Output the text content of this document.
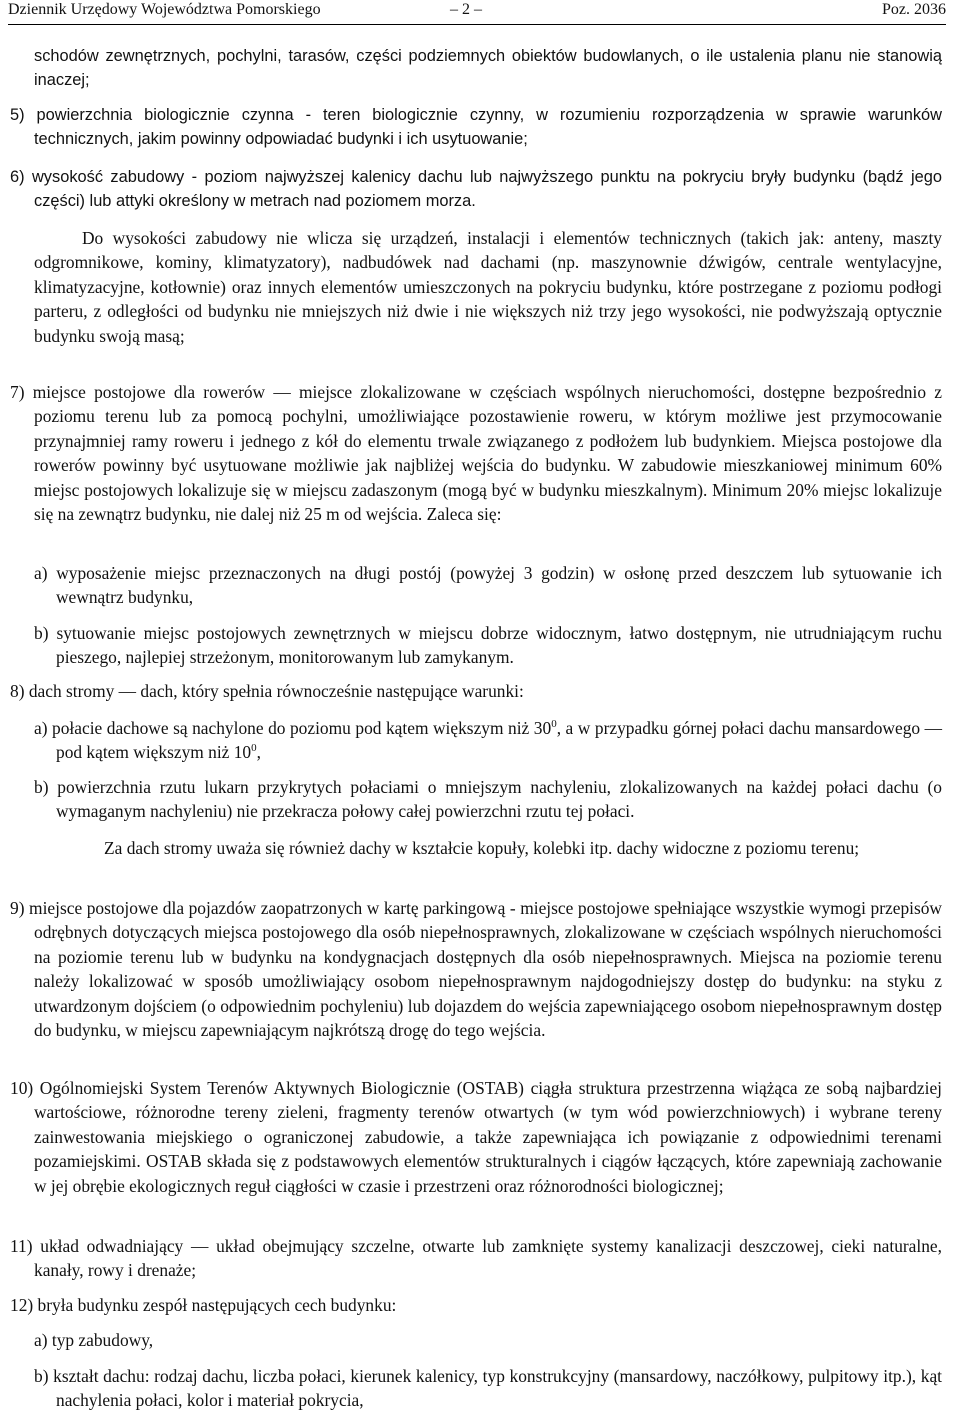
Dziennik Urzędowy Województwa Pomorskiego	– 2 –	Poz. 2036
schodów zewnętrznych, pochylni, tarasów, części podziemnych obiektów budowlanych, o ile ustalenia planu nie stanowią inaczej;
5) powierzchnia biologicznie czynna - teren biologicznie czynny, w rozumieniu rozporządzenia w sprawie warunków technicznych, jakim powinny odpowiadać budynki i ich usytuowanie;
6) wysokość zabudowy - poziom najwyższej kalenicy dachu lub najwyższego punktu na pokryciu bryły budynku (bądź jego części) lub attyki określony w metrach nad poziomem morza.
Do wysokości zabudowy nie wlicza się urządzeń, instalacji i elementów technicznych (takich jak: anteny, maszty odgromnikowe, kominy, klimatyzatory), nadbudówek nad dachami (np. maszynownie dźwigów, centrale wentylacyjne, klimatyzacyjne, kotłownie) oraz innych elementów umieszczonych na pokryciu budynku, które postrzegane z poziomu podłogi parteru, z odległości od budynku nie mniejszych niż dwie i nie większych niż trzy jego wysokości, nie podwyższają optycznie budynku swoją masą;
7) miejsce postojowe dla rowerów — miejsce zlokalizowane w częściach wspólnych nieruchomości, dostępne bezpośrednio z poziomu terenu lub za pomocą pochylni, umożliwiające pozostawienie roweru, w którym możliwe jest przymocowanie przynajmniej ramy roweru i jednego z kół do elementu trwale związanego z podłożem lub budynkiem. Miejsca postojowe dla rowerów powinny być usytuowane możliwie jak najbliżej wejścia do budynku. W zabudowie mieszkaniowej minimum 60% miejsc postojowych lokalizuje się w miejscu zadaszonym (mogą być w budynku mieszkalnym). Minimum 20% miejsc lokalizuje się na zewnątrz budynku, nie dalej niż 25 m od wejścia. Zaleca się:
a) wyposażenie miejsc przeznaczonych na długi postój (powyżej 3 godzin) w osłonę przed deszczem lub sytuowanie ich wewnątrz budynku,
b) sytuowanie miejsc postojowych zewnętrznych w miejscu dobrze widocznym, łatwo dostępnym, nie utrudniającym ruchu pieszego, najlepiej strzeżonym, monitorowanym lub zamykanym.
8) dach stromy — dach, który spełnia równocześnie następujące warunki:
a) połacie dachowe są nachylone do poziomu pod kątem większym niż $30^0$, a w przypadku górnej połaci dachu mansardowego — pod kątem większym niż $10^0$,
b) powierzchnia rzutu lukarn przykrytych połaciami o mniejszym nachyleniu, zlokalizowanych na każdej połaci dachu (o wymaganym nachyleniu) nie przekracza połowy całej powierzchni rzutu tej połaci.
Za dach stromy uważa się również dachy w kształcie kopuły, kolebki itp. dachy widoczne z poziomu terenu;
9) miejsce postojowe dla pojazdów zaopatrzonych w kartę parkingową - miejsce postojowe spełniające wszystkie wymogi przepisów odrębnych dotyczących miejsca postojowego dla osób niepełnosprawnych, zlokalizowane w częściach wspólnych nieruchomości na poziomie terenu lub w budynku na kondygnacjach dostępnych dla osób niepełnosprawnych. Miejsca na poziomie terenu należy lokalizować w sposób umożliwiający osobom niepełnosprawnym najdogodniejszy dostęp do budynku: na styku z utwardzonym dojściem (o odpowiednim pochyleniu) lub dojazdem do wejścia zapewniającego osobom niepełnosprawnym dostęp do budynku, w miejscu zapewniającym najkrótszą drogę do tego wejścia.
10) Ogólnomiejski System Terenów Aktywnych Biologicznie (OSTAB) ciągła struktura przestrzenna wiążąca ze sobą najbardziej wartościowe, różnorodne tereny zieleni, fragmenty terenów otwartych (w tym wód powierzchniowych) i wybrane tereny zainwestowania miejskiego o ograniczonej zabudowie, a także zapewniająca ich powiązanie z odpowiednimi terenami pozamiejskimi. OSTAB składa się z podstawowych elementów strukturalnych i ciągów łączących, które zapewniają zachowanie w jej obrębie ekologicznych reguł ciągłości w czasie i przestrzeni oraz różnorodności biologicznej;
11) układ odwadniający — układ obejmujący szczelne, otwarte lub zamknięte systemy kanalizacji deszczowej, cieki naturalne, kanały, rowy i drenaże;
12) bryła budynku zespół następujących cech budynku:
a) typ zabudowy,
b) kształt dachu: rodzaj dachu, liczba połaci, kierunek kalenicy, typ konstrukcyjny (mansardowy, naczółkowy, pulpitowy itp.), kąt nachylenia połaci, kolor i materiał pokrycia,
